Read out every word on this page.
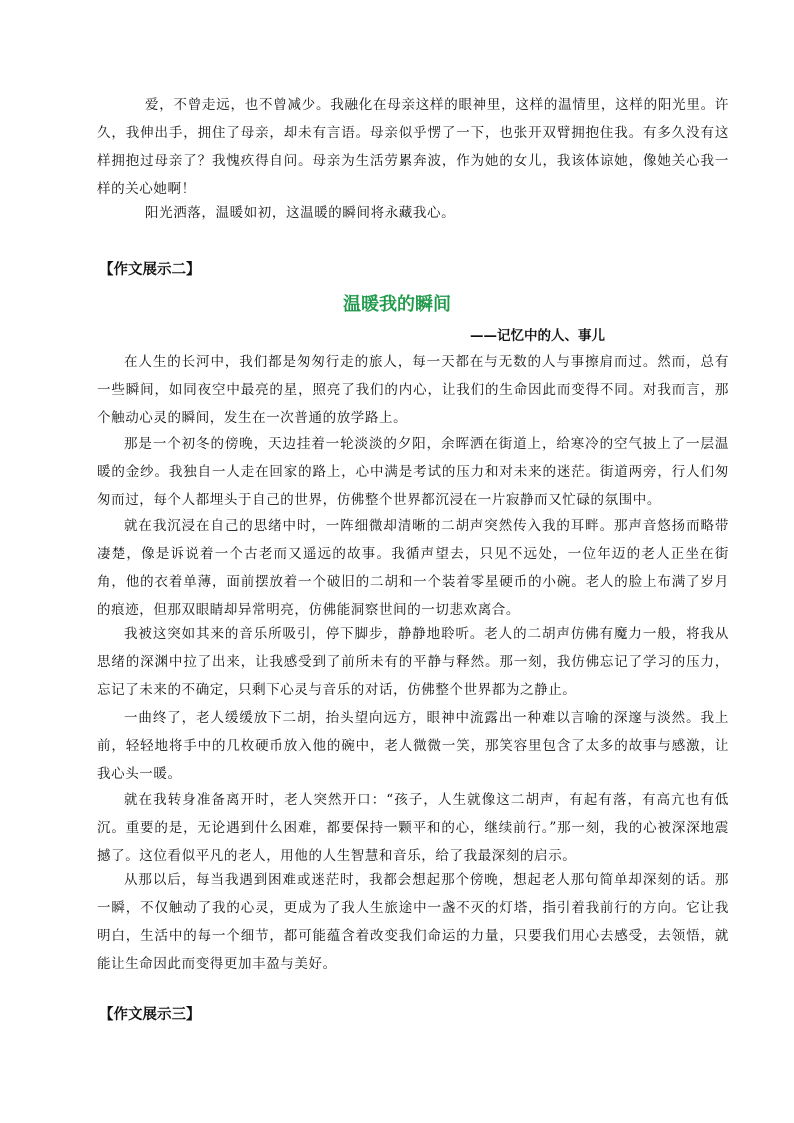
爱，不曾走远，也不曾减少。我融化在母亲这样的眼神里，这样的温情里，这样的阳光里。许久，我伸出手，拥住了母亲，却未有言语。母亲似乎愣了一下，也张开双臂拥抱住我。有多久没有这样拥抱过母亲了？我愧疚得自问。母亲为生活劳累奔波，作为她的女儿，我该体谅她，像她关心我一样的关心她啊！

阳光洒落，温暖如初，这温暖的瞬间将永藏我心。

【作文展示二】

温暖我的瞬间

——记忆中的人、事儿

在人生的长河中，我们都是匆匆行走的旅人，每一天都在与无数的人与事擦肩而过。然而，总有一些瞬间，如同夜空中最亮的星，照亮了我们的内心，让我们的生命因此而变得不同。对我而言，那个触动心灵的瞬间，发生在一次普通的放学路上。

那是一个初冬的傍晚，天边挂着一轮淡淡的夕阳，余晖洒在街道上，给寒冷的空气披上了一层温暖的金纱。我独自一人走在回家的路上，心中满是考试的压力和对未来的迷茫。街道两旁，行人们匆匆而过，每个人都埋头于自己的世界，仿佛整个世界都沉浸在一片寂静而又忙碌的氛围中。

就在我沉浸在自己的思绪中时，一阵细微却清晰的二胡声突然传入我的耳畔。那声音悠扬而略带凄楚，像是诉说着一个古老而又遥远的故事。我循声望去，只见不远处，一位年迈的老人正坐在街角，他的衣着单薄，面前摆放着一个破旧的二胡和一个装着零星硬币的小碗。老人的脸上布满了岁月的痕迹，但那双眼睛却异常明亮，仿佛能洞察世间的一切悲欢离合。

我被这突如其来的音乐所吸引，停下脚步，静静地聆听。老人的二胡声仿佛有魔力一般，将我从思绪的深渊中拉了出来，让我感受到了前所未有的平静与释然。那一刻，我仿佛忘记了学习的压力，忘记了未来的不确定，只剩下心灵与音乐的对话，仿佛整个世界都为之静止。

一曲终了，老人缓缓放下二胡，抬头望向远方，眼神中流露出一种难以言喻的深邃与淡然。我上前，轻轻地将手中的几枚硬币放入他的碗中，老人微微一笑，那笑容里包含了太多的故事与感激，让我心头一暖。

就在我转身准备离开时，老人突然开口：“孩子，人生就像这二胡声，有起有落，有高亢也有低沉。重要的是，无论遇到什么困难，都要保持一颗平和的心，继续前行。”那一刻，我的心被深深地震撼了。这位看似平凡的老人，用他的人生智慧和音乐，给了我最深刻的启示。

从那以后，每当我遇到困难或迷茫时，我都会想起那个傍晚，想起老人那句简单却深刻的话。那一瞬，不仅触动了我的心灵，更成为了我人生旅途中一盏不灭的灯塔，指引着我前行的方向。它让我明白，生活中的每一个细节，都可能蕴含着改变我们命运的力量，只要我们用心去感受，去领悟，就能让生命因此而变得更加丰盈与美好。

【作文展示三】
